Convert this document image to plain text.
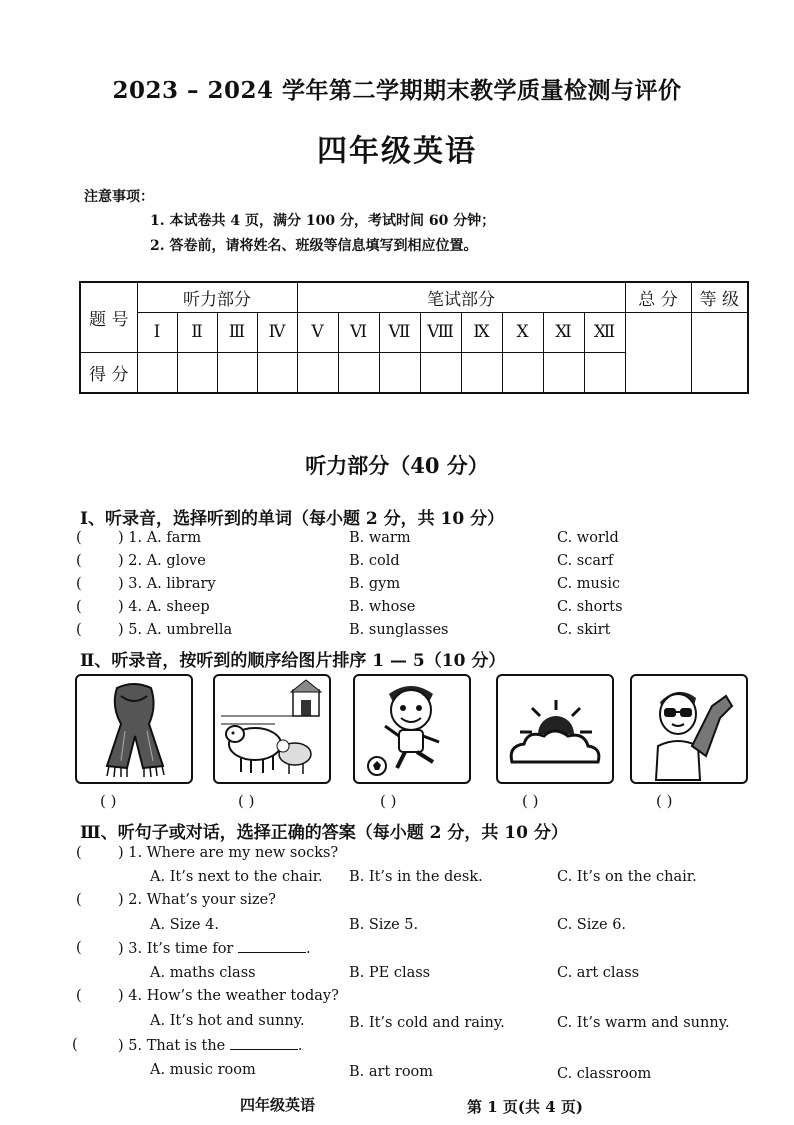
2023 – 2024 学年第二学期期末教学质量检测与评价
四年级英语
注意事项：
1. 本试卷共 4 页，满分 100 分，考试时间 60 分钟；
2. 答卷前，请将姓名、班级等信息填写到相应位置。
题 号	听力部分				笔试部分								总 分	等 级
	Ⅰ	Ⅱ	Ⅲ	Ⅳ	Ⅴ	Ⅵ	Ⅶ	Ⅷ	Ⅸ	Ⅹ	Ⅺ	Ⅻ		
得 分														
听力部分（40 分）
Ⅰ、听录音，选择听到的单词（每小题 2 分，共 10 分）
(	) 1. A. farm	B. warm	C. world
(	) 2. A. glove	B. cold	C. scarf
(	) 3. A. library	B. gym	C. music
(	) 4. A. sheep	B. whose	C. shorts
(	) 5. A. umbrella	B. sunglasses	C. skirt
Ⅱ、听录音，按听到的顺序给图片排序 1 — 5（10 分）
( )	( )	( )	( )	( )
Ⅲ、听句子或对话，选择正确的答案（每小题 2 分，共 10 分）
(	) 1. Where are my new socks?
A. It’s next to the chair. B. It’s in the desk.	C. It’s on the chair.
(	) 2. What’s your size?
A. Size 4.	B. Size 5.	C. Size 6.
(	) 3. It’s time for	.
A. maths class	B. PE class	C. art class
(	) 4. How’s the weather today?
A. It’s hot and sunny.	B. It’s cold and rainy.	C. It’s warm and sunny.
(	) 5. That is the	.
A. music room	B. art room	C. classroom
四年级英语	第 1 页(共 4 页)
